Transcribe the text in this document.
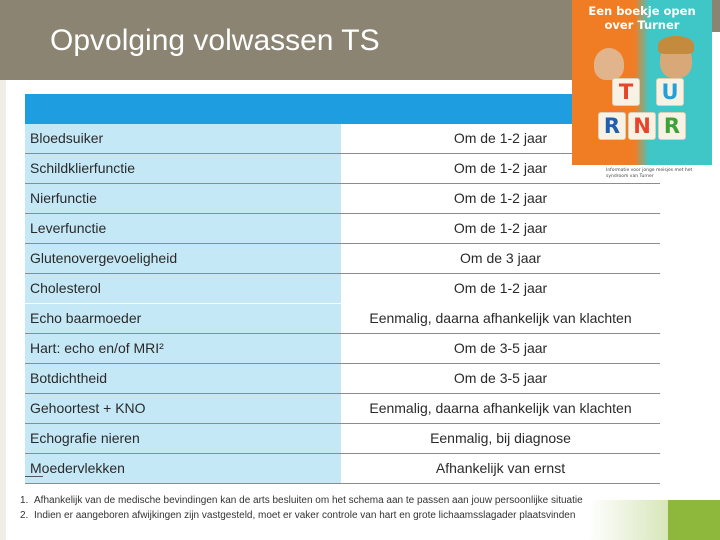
Opvolging volwassen TS
Bloedsuiker	Om de 1-2 jaar
Schildklierfunctie	Om de 1-2 jaar
Nierfunctie	Om de 1-2 jaar
Leverfunctie	Om de 1-2 jaar
Glutenovergevoeligheid	Om de 3 jaar
Cholesterol	Om de 1-2 jaar
Echo baarmoeder	Eenmalig, daarna afhankelijk van klachten
Hart: echo en/of MRI²	Om de 3-5 jaar
Botdichtheid	Om de 3-5 jaar
Gehoortest + KNO	Eenmalig, daarna afhankelijk van klachten
Echografie nieren	Eenmalig, bij diagnose
Moedervlekken	Afhankelijk van ernst
1. Afhankelijk van de medische bevindingen kan de arts besluiten om het schema aan te passen aan jouw persoonlijke situatie
2. Indien er aangeboren afwijkingen zijn vastgesteld, moet er vaker controle van hart en grote lichaamsslagader plaatsvinden
Een boekje open
over Turner
T	U
R N R
Informatie voor jonge meisjes met het syndroom van Turner
